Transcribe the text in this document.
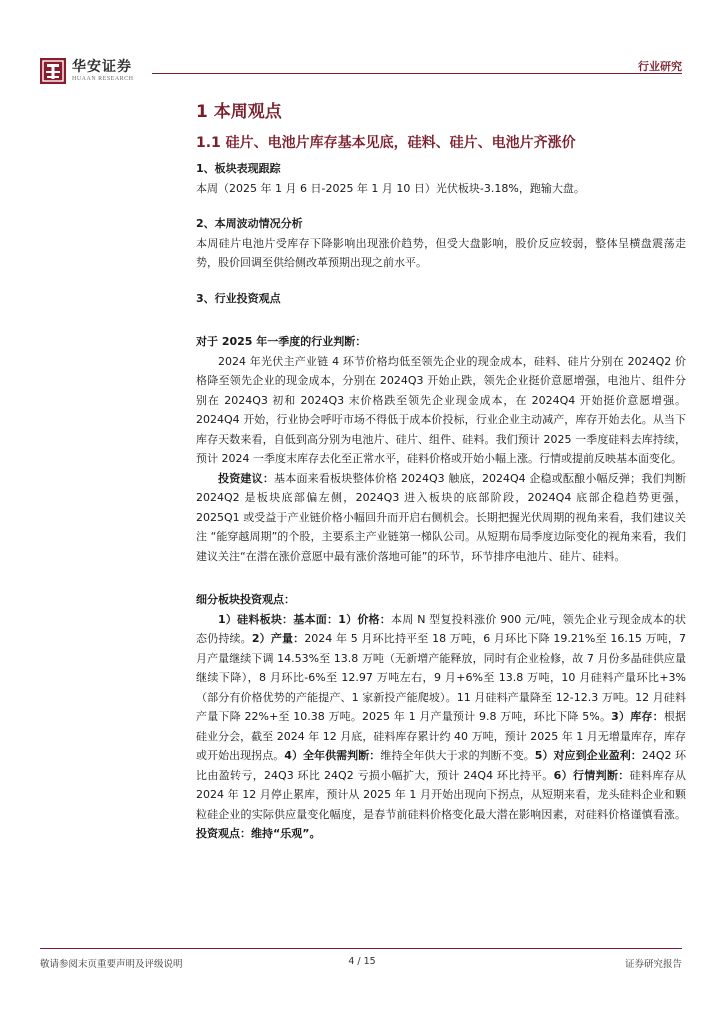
华安证券
HUAAN RESEARCH
行业研究
1 本周观点
1.1 硅片、电池片库存基本见底，硅料、硅片、电池片齐涨价

1、板块表现跟踪

本周（2025 年 1 月 6 日-2025 年 1 月 10 日）光伏板块-3.18%，跑输大盘。

2、本周波动情况分析

本周硅片电池片受库存下降影响出现涨价趋势，但受大盘影响，股价反应较弱，整体呈横盘震荡走势，股价回调至供给侧改革预期出现之前水平。

3、行业投资观点

对于 2025 年一季度的行业判断：

2024 年光伏主产业链 4 环节价格均低至领先企业的现金成本，硅料、硅片分别在 2024Q2 价格降至领先企业的现金成本，分别在 2024Q3 开始止跌，领先企业挺价意愿增强，电池片、组件分别在 2024Q3 初和 2024Q3 末价格跌至领先企业现金成本，在 2024Q4 开始挺价意愿增强。2024Q4 开始，行业协会呼吁市场不得低于成本价投标，行业企业主动减产，库存开始去化。从当下库存天数来看，自低到高分别为电池片、硅片、组件、硅料。我们预计 2025 一季度硅料去库持续，预计 2024 一季度末库存去化至正常水平，硅料价格或开始小幅上涨。行情或提前反映基本面变化。

投资建议：基本面来看板块整体价格 2024Q3 触底，2024Q4 企稳或酝酿小幅反弹；我们判断 2024Q2 是板块底部偏左侧，2024Q3 进入板块的底部阶段，2024Q4 底部企稳趋势更强，2025Q1 或受益于产业链价格小幅回升而开启右侧机会。长期把握光伏周期的视角来看，我们建议关注 “能穿越周期”的个股，主要系主产业链第一梯队公司。从短期布局季度边际变化的视角来看，我们建议关注“在潜在涨价意愿中最有涨价落地可能”的环节，环节排序电池片、硅片、硅料。

细分板块投资观点：

1）硅料板块：基本面：1）价格：本周 N 型复投料涨价 900 元/吨，领先企业亏现金成本的状态仍持续。2）产量：2024 年 5 月环比持平至 18 万吨，6 月环比下降 19.21%至 16.15 万吨，7 月产量继续下调 14.53%至 13.8 万吨（无新增产能释放，同时有企业检修，故 7 月份多晶硅供应量继续下降），8 月环比-6%至 12.97 万吨左右，9 月+6%至 13.8 万吨，10 月硅料产量环比+3%（部分有价格优势的产能提产、1 家新投产能爬坡）。11 月硅料产量降至 12-12.3 万吨。12 月硅料产量下降 22%+至 10.38 万吨。2025 年 1 月产量预计 9.8 万吨，环比下降 5%。3）库存：根据硅业分会，截至 2024 年 12 月底，硅料库存累计约 40 万吨，预计 2025 年 1 月无增量库存，库存或开始出现拐点。4）全年供需判断：维持全年供大于求的判断不变。5）对应到企业盈利：24Q2 环比由盈转亏，24Q3 环比 24Q2 亏损小幅扩大，预计 24Q4 环比持平。6）行情判断：硅料库存从 2024 年 12 月停止累库，预计从 2025 年 1 月开始出现向下拐点，从短期来看，龙头硅料企业和颗粒硅企业的实际供应量变化幅度，是春节前硅料价格变化最大潜在影响因素，对硅料价格谨慎看涨。投资观点：维持“乐观”。

敬请参阅末页重要声明及评级说明	4 / 15	证券研究报告
